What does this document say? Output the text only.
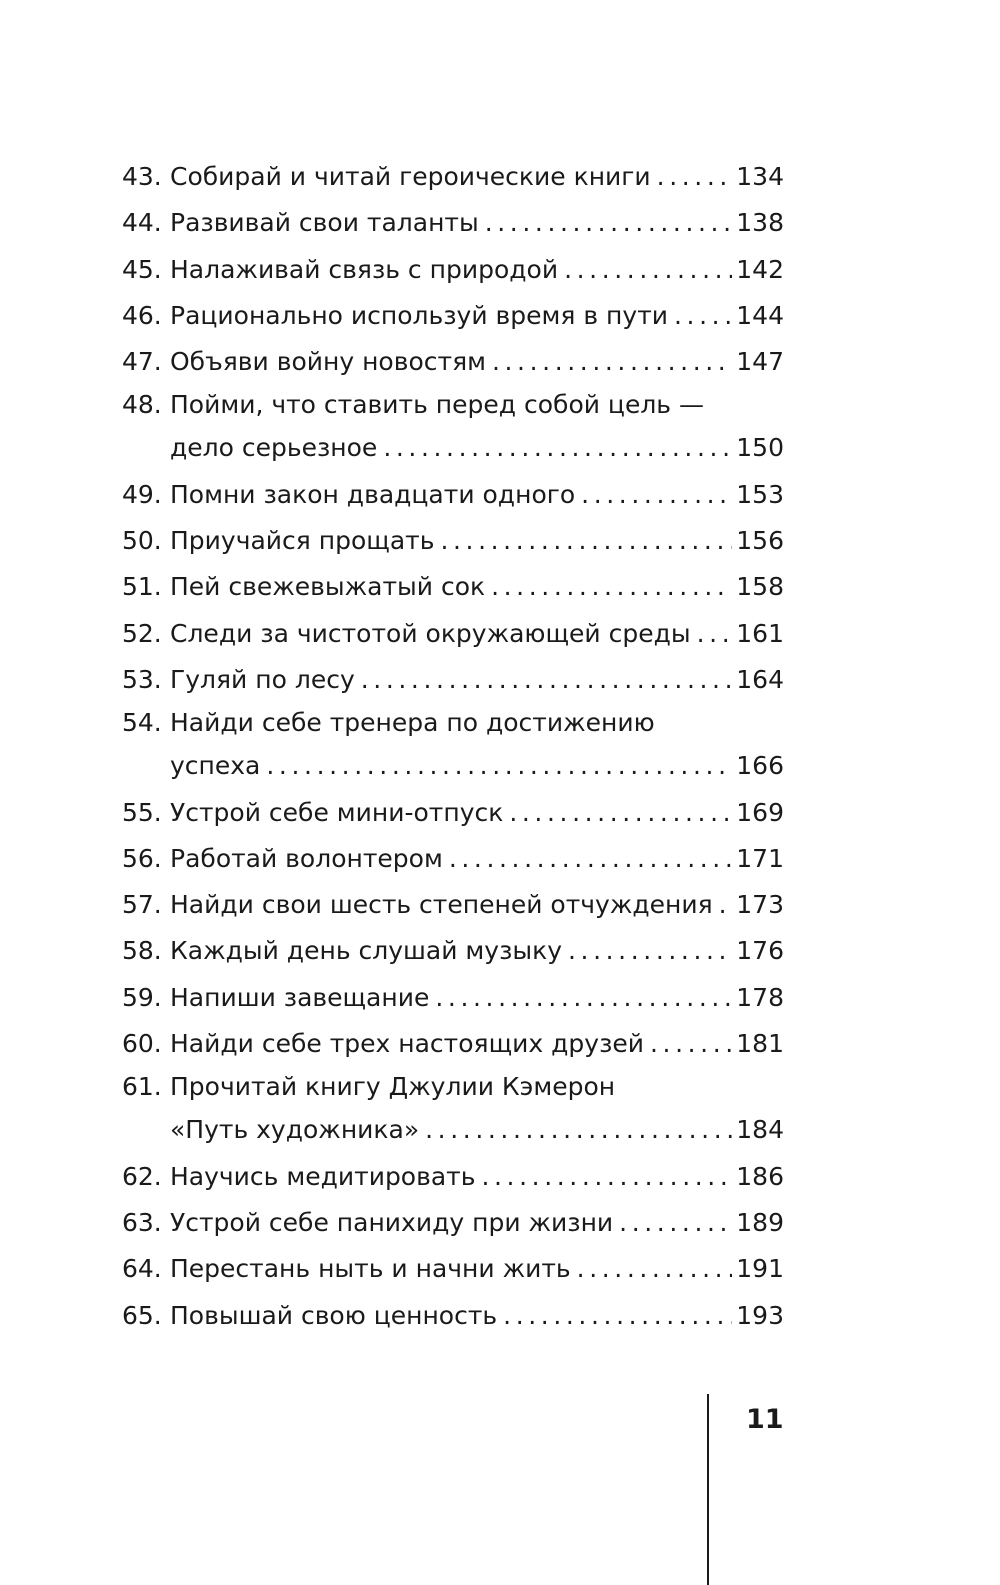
43. Собирай и читай героические книги .....	134
44. Развивай свои таланты .....	138
45. Налаживай связь с природой .....	142
46. Рационально используй время в пути .....	144
47. Объяви войну новостям .....	147
48. Пойми, что ставить перед собой цель —
дело серьезное .....	150
49. Помни закон двадцати одного .....	153
50. Приучайся прощать .....	156
51. Пей свежевыжатый сок .....	158
52. Следи за чистотой окружающей среды ..... 161
53. Гуляй по лесу .....	164
54. Найди себе тренера по достижению
успеха .....	166
55. Устрой себе мини-отпуск .....	169
56. Работай волонтером .....	171
57. Найди свои шесть степеней отчуждения ..... 173
58. Каждый день слушай музыку .....	176
59. Напиши завещание .....	178
60. Найди себе трех настоящих друзей .....	181
61. Прочитай книгу Джулии Кэмерон
«Путь художника» .....	184
62. Научись медитировать .....	186
63. Устрой себе панихиду при жизни .....	189
64. Перестань ныть и начни жить .....	191
65. Повышай свою ценность .....	193
11
